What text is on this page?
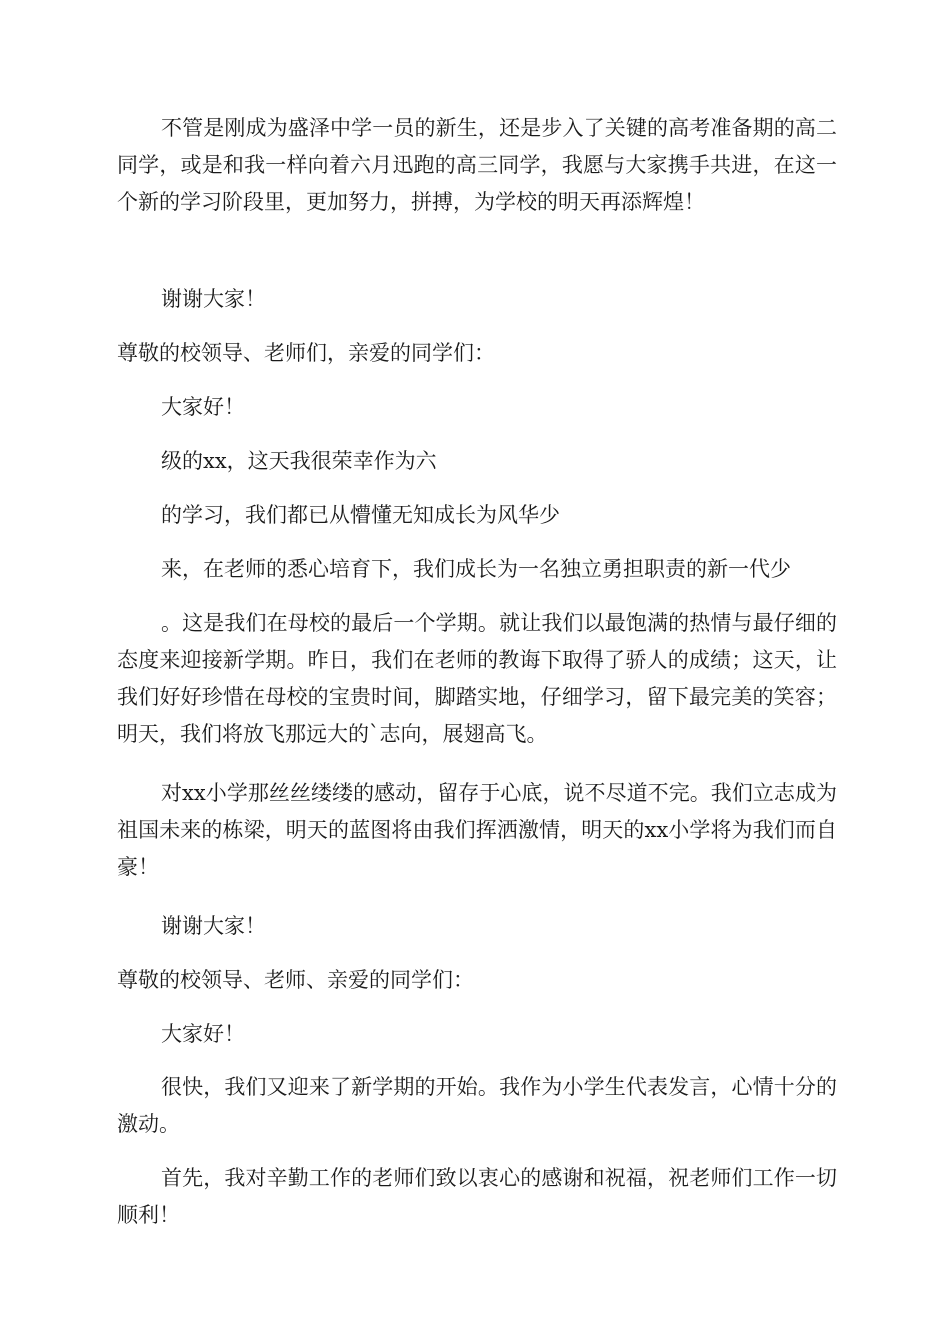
不管是刚成为盛泽中学一员的新生，还是步入了关键的高考准备期的高二同学，或是和我一样向着六月迅跑的高三同学，我愿与大家携手共进，在这一个新的学习阶段里，更加努力，拼搏，为学校的明天再添辉煌！

谢谢大家！

尊敬的校领导、老师们，亲爱的同学们：

大家好！

级的xx，这天我很荣幸作为六

的学习，我们都已从懵懂无知成长为风华少

来，在老师的悉心培育下，我们成长为一名独立勇担职责的新一代少

。这是我们在母校的最后一个学期。就让我们以最饱满的热情与最仔细的态度来迎接新学期。昨日，我们在老师的教诲下取得了骄人的成绩；这天，让我们好好珍惜在母校的宝贵时间，脚踏实地，仔细学习，留下最完美的笑容；明天，我们将放飞那远大的`志向，展翅高飞。

对xx小学那丝丝缕缕的感动，留存于心底，说不尽道不完。我们立志成为祖国未来的栋梁，明天的蓝图将由我们挥洒激情，明天的xx小学将为我们而自豪！

谢谢大家！

尊敬的校领导、老师、亲爱的同学们：

大家好！

很快，我们又迎来了新学期的开始。我作为小学生代表发言，心情十分的激动。

首先，我对辛勤工作的老师们致以衷心的感谢和祝福，祝老师们工作一切顺利！
